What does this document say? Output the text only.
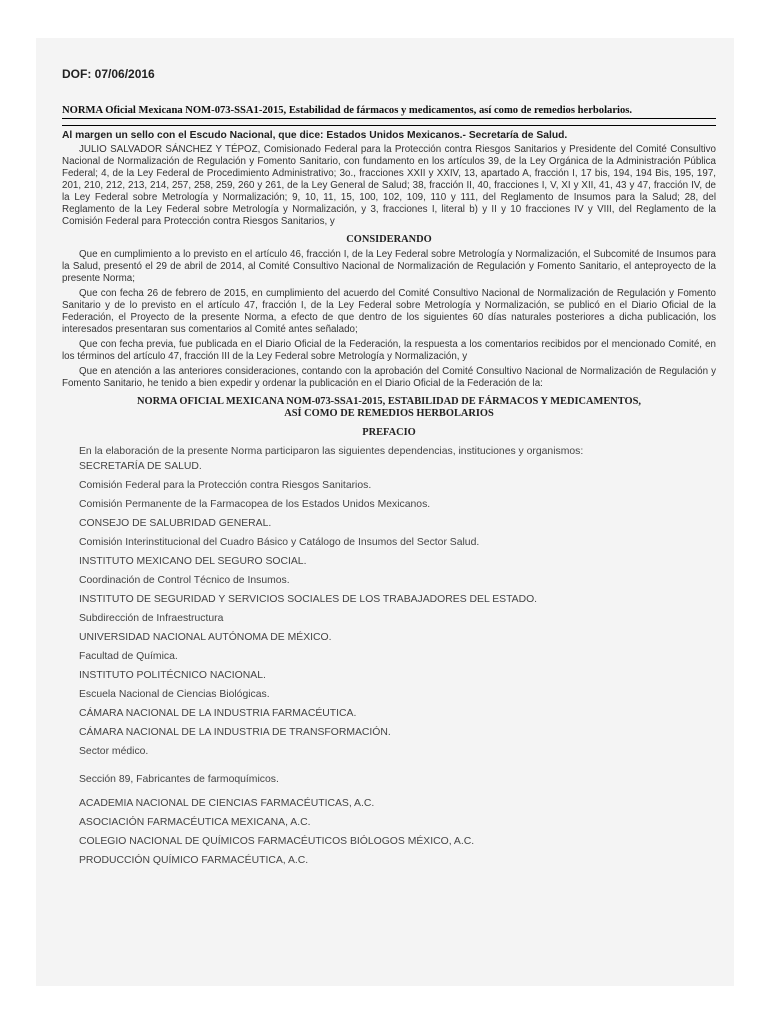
DOF: 07/06/2016
NORMA Oficial Mexicana NOM-073-SSA1-2015, Estabilidad de fármacos y medicamentos, así como de remedios herbolarios.
Al margen un sello con el Escudo Nacional, que dice: Estados Unidos Mexicanos.- Secretaría de Salud.

JULIO SALVADOR SÁNCHEZ Y TÉPOZ, Comisionado Federal para la Protección contra Riesgos Sanitarios y Presidente del Comité Consultivo Nacional de Normalización de Regulación y Fomento Sanitario, con fundamento en los artículos 39, de la Ley Orgánica de la Administración Pública Federal; 4, de la Ley Federal de Procedimiento Administrativo; 3o., fracciones XXII y XXIV, 13, apartado A, fracción I, 17 bis, 194, 194 Bis, 195, 197, 201, 210, 212, 213, 214, 257, 258, 259, 260 y 261, de la Ley General de Salud; 38, fracción II, 40, fracciones I, V, XI y XII, 41, 43 y 47, fracción IV, de la Ley Federal sobre Metrología y Normalización; 9, 10, 11, 15, 100, 102, 109, 110 y 111, del Reglamento de Insumos para la Salud; 28, del Reglamento de la Ley Federal sobre Metrología y Normalización, y 3, fracciones I, literal b) y II y 10 fracciones IV y VIII, del Reglamento de la Comisión Federal para Protección contra Riesgos Sanitarios, y

CONSIDERANDO

Que en cumplimiento a lo previsto en el artículo 46, fracción I, de la Ley Federal sobre Metrología y Normalización, el Subcomité de Insumos para la Salud, presentó el 29 de abril de 2014, al Comité Consultivo Nacional de Normalización de Regulación y Fomento Sanitario, el anteproyecto de la presente Norma;

Que con fecha 26 de febrero de 2015, en cumplimiento del acuerdo del Comité Consultivo Nacional de Normalización de Regulación y Fomento Sanitario y de lo previsto en el artículo 47, fracción I, de la Ley Federal sobre Metrología y Normalización, se publicó en el Diario Oficial de la Federación, el Proyecto de la presente Norma, a efecto de que dentro de los siguientes 60 días naturales posteriores a dicha publicación, los interesados presentaran sus comentarios al Comité antes señalado;

Que con fecha previa, fue publicada en el Diario Oficial de la Federación, la respuesta a los comentarios recibidos por el mencionado Comité, en los términos del artículo 47, fracción III de la Ley Federal sobre Metrología y Normalización, y

Que en atención a las anteriores consideraciones, contando con la aprobación del Comité Consultivo Nacional de Normalización de Regulación y Fomento Sanitario, he tenido a bien expedir y ordenar la publicación en el Diario Oficial de la Federación de la:

NORMA OFICIAL MEXICANA NOM-073-SSA1-2015, ESTABILIDAD DE FÁRMACOS Y MEDICAMENTOS,
ASÍ COMO DE REMEDIOS HERBOLARIOS
PREFACIO
En la elaboración de la presente Norma participaron las siguientes dependencias, instituciones y organismos:
SECRETARÍA DE SALUD.
Comisión Federal para la Protección contra Riesgos Sanitarios.
Comisión Permanente de la Farmacopea de los Estados Unidos Mexicanos.
CONSEJO DE SALUBRIDAD GENERAL.
Comisión Interinstitucional del Cuadro Básico y Catálogo de Insumos del Sector Salud.
INSTITUTO MEXICANO DEL SEGURO SOCIAL.
Coordinación de Control Técnico de Insumos.
INSTITUTO DE SEGURIDAD Y SERVICIOS SOCIALES DE LOS TRABAJADORES DEL ESTADO.
Subdirección de Infraestructura
UNIVERSIDAD NACIONAL AUTÓNOMA DE MÉXICO.
Facultad de Química.
INSTITUTO POLITÉCNICO NACIONAL.
Escuela Nacional de Ciencias Biológicas.
CÁMARA NACIONAL DE LA INDUSTRIA FARMACÉUTICA.
CÁMARA NACIONAL DE LA INDUSTRIA DE TRANSFORMACIÓN.
Sector médico.
Sección 89, Fabricantes de farmoquímicos.
ACADEMIA NACIONAL DE CIENCIAS FARMACÉUTICAS, A.C.
ASOCIACIÓN FARMACÉUTICA MEXICANA, A.C.
COLEGIO NACIONAL DE QUÍMICOS FARMACÉUTICOS BIÓLOGOS MÉXICO, A.C.
PRODUCCIÓN QUÍMICO FARMACÉUTICA, A.C.
